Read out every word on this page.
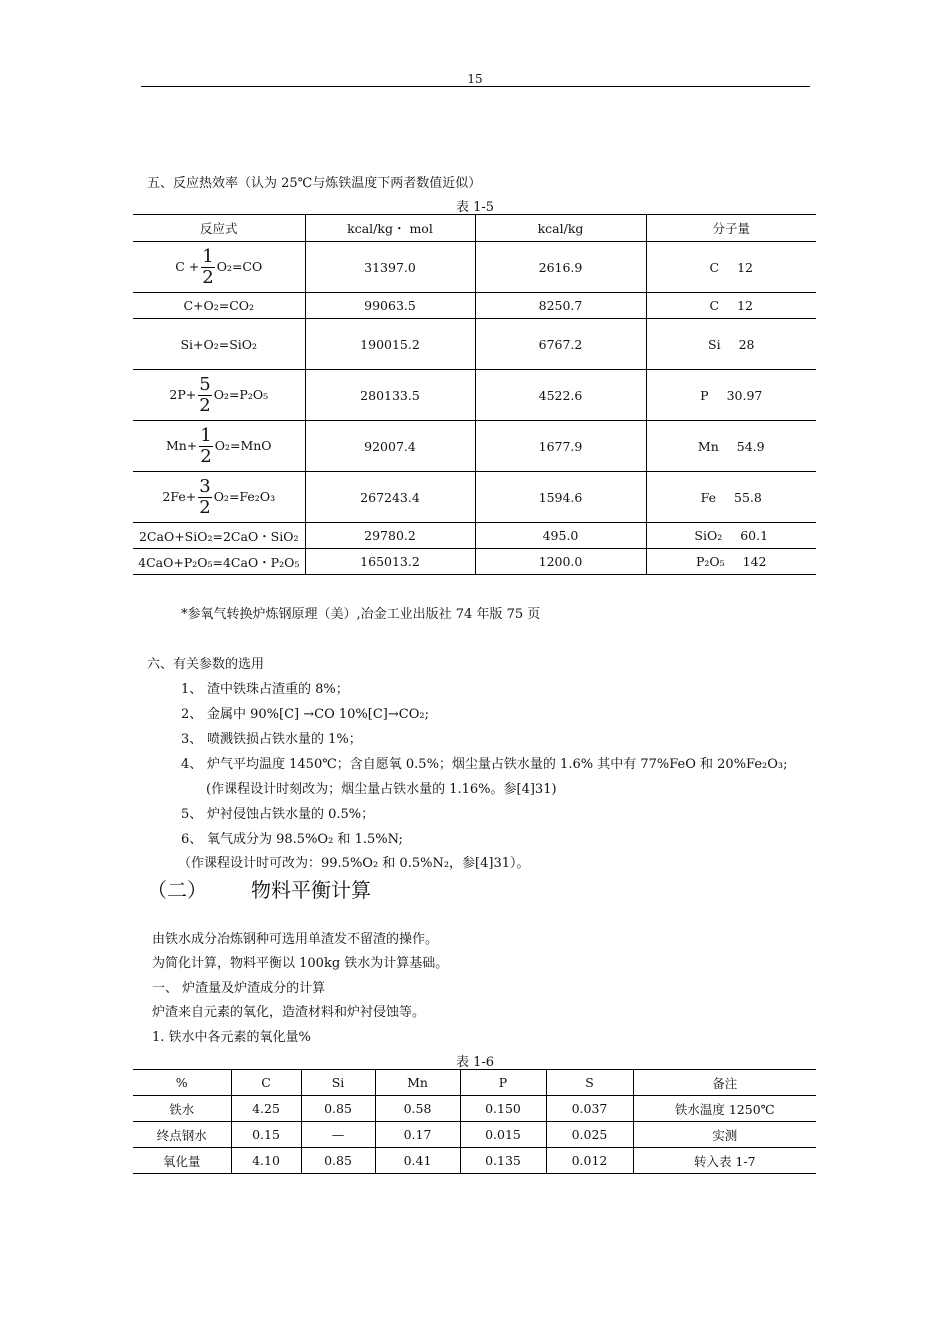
15
五、反应热效率（认为 25℃与炼铁温度下两者数值近似）
表 1-5
反应式	kcal/kg・ mol	kcal/kg	分子量
$C + \frac{1}{2} O_2=CO$	31397.0	2616.9	C 12

C+O₂=CO₂	99063.5	8250.7	C 12

Si+O₂=SiO₂	190015.2	6767.2	Si 28

$2P+ \frac{5}{2} O_2=P_2O_5$	280133.5	4522.6	P 30.97

$Mn+ \frac{1}{2} O_2=MnO$	92007.4	1677.9	Mn 54.9

$2Fe+ \frac{3}{2} O_2=Fe_2O_3$	267243.4	1594.6	Fe 55.8

2CaO+SiO₂=2CaO・SiO₂	29780.2	495.0	SiO₂ 60.1

4CaO+P₂O₅=4CaO・P₂O₅	165013.2	1200.0	P₂O₅ 142
*参氧气转换炉炼钢原理（美）,冶金工业出版社 74 年版 75 页
六、有关参数的选用
1、 渣中铁珠占渣重的 8%；
2、 金属中 90%[C] →CO 10%[C]→CO₂;
3、 喷溅铁损占铁水量的 1%；
4、 炉气平均温度 1450℃；含自愿氧 0.5%；烟尘量占铁水量的 1.6% 其中有 77%FeO 和 20%Fe₂O₃;
5、 炉衬侵蚀占铁水量的 0.5%；
6、 氧气成分为 98.5%O₂ 和 1.5%N;
(作课程设计时刻改为；烟尘量占铁水量的 1.16%。参[4]31)
（作课程设计时可改为：99.5%O₂ 和 0.5%N₂，参[4]31）。
（二） 物料平衡计算
由铁水成分冶炼钢种可选用单渣发不留渣的操作。
为简化计算，物料平衡以 100kg 铁水为计算基础。
一、 炉渣量及炉渣成分的计算
炉渣来自元素的氧化，造渣材料和炉衬侵蚀等。
1. 铁水中各元素的氧化量%
表 1-6
%	C	Si	Mn	P	S	备注
铁水	4.25	0.85	0.58	0.150	0.037	铁水温度 1250℃
终点钢水	0.15	—	0.17	0.015	0.025	实测
氧化量	4.10	0.85	0.41	0.135	0.012	转入表 1-7
